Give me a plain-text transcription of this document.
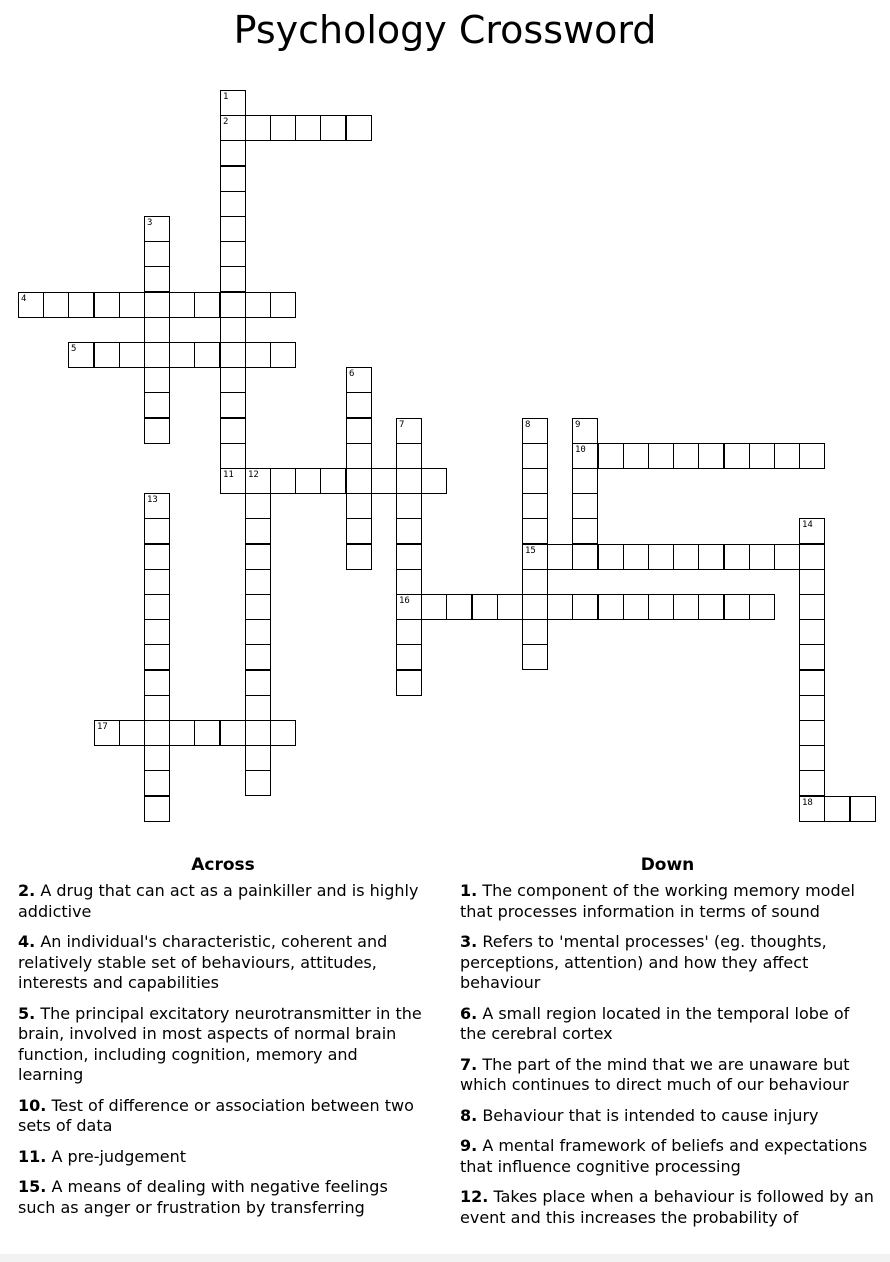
Psychology Crossword
1
2
11
3
4
5
6
7
16
8
15
9
10
12
13
14
18
17
Across
2. A drug that can act as a painkiller and is highly addictive
4. An individual's characteristic, coherent and relatively stable set of behaviours, attitudes, interests and capabilities
5. The principal excitatory neurotransmitter in the brain, involved in most aspects of normal brain function, including cognition, memory and learning
10. Test of difference or association between two sets of data
11. A pre-judgement
15. A means of dealing with negative feelings such as anger or frustration by transferring
Down
1. The component of the working memory model that processes information in terms of sound
3. Refers to 'mental processes' (eg. thoughts, perceptions, attention) and how they affect behaviour
6. A small region located in the temporal lobe of the cerebral cortex
7. The part of the mind that we are unaware but which continues to direct much of our behaviour
8. Behaviour that is intended to cause injury
9. A mental framework of beliefs and expectations that influence cognitive processing
12. Takes place when a behaviour is followed by an event and this increases the probability of
